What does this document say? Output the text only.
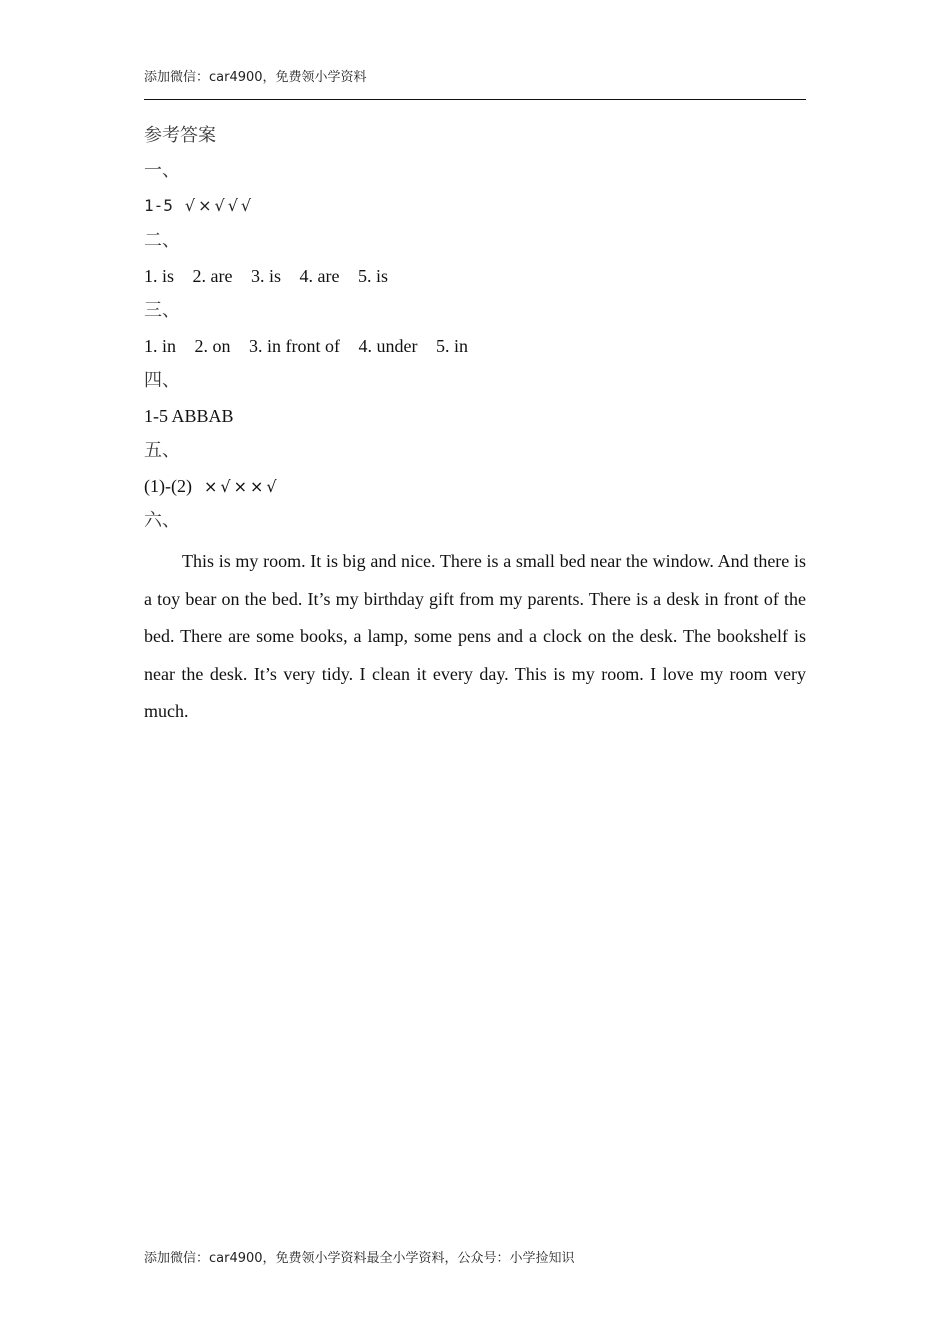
添加微信：car4900，免费领小学资料
参考答案
一、
1-5 √×√√√
二、
1. is 2. are 3. is 4. are 5. is
三、
1. in 2. on 3. in front of 4. under 5. in
四、
1-5 ABBAB
五、
(1)-(2) ×√××√
六、
This is my room. It is big and nice. There is a small bed near the window. And there is a toy bear on the bed. It’s my birthday gift from my parents. There is a desk in front of the bed. There are some books, a lamp, some pens and a clock on the desk. The bookshelf is near the desk. It’s very tidy. I clean it every day. This is my room. I love my room very much.
添加微信：car4900，免费领小学资料最全小学资料，公众号：小学捡知识
